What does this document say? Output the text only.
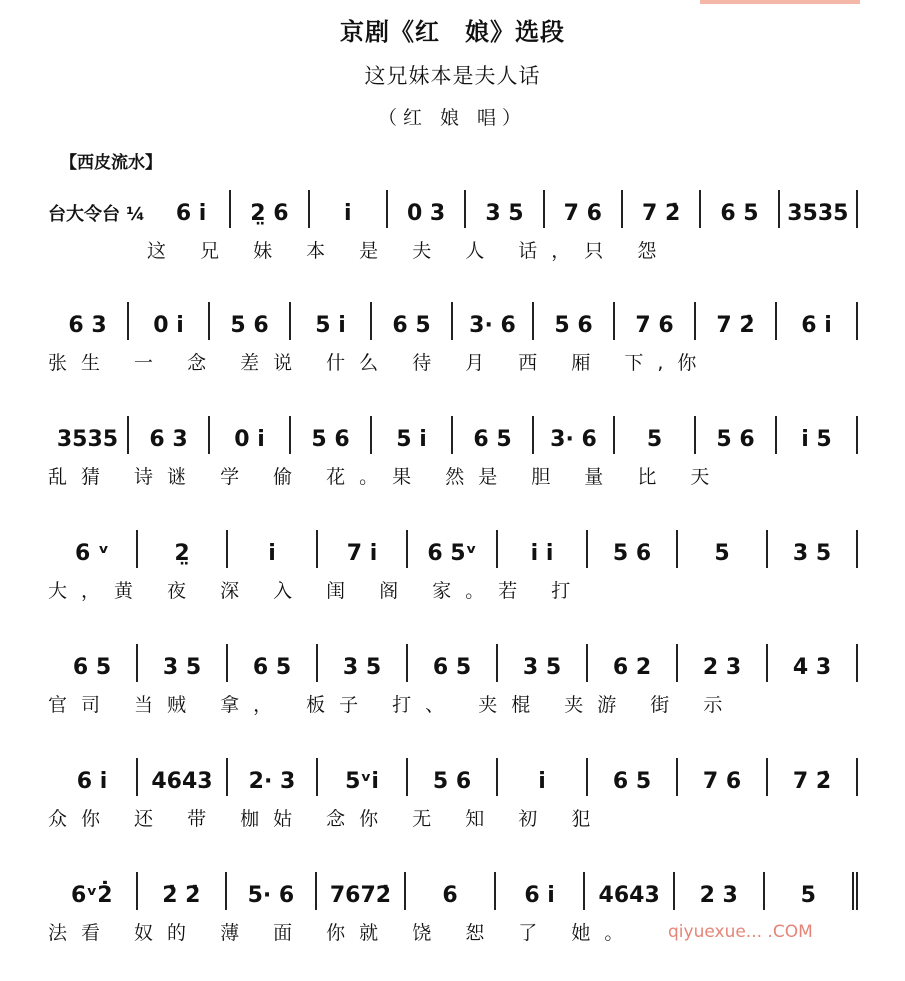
京剧《红　娘》选段
这兄妹本是夫人话
（红 娘 唱）
【西皮流水】
台大令台 ¼	6 i	2̤ 6	i	0 3	3 5	7 6	7 2̇	6 5	3535
　　　这 兄 妹 本 是 夫 人 话，只 怨
6 3	0 i	5 6	5 i	6 5	3· 6	5 6	7 6	7 2̇	6 i
张生 一 念 差说 什么 待 月 西 厢 下,你
3535	6 3	0 i	5 6	5 i	6 5	3· 6	5	5 6	i 5
乱猜 诗谜 学 偷 花。果 然是 胆 量 比 天
6 ᵛ	2̤	i	7 i	6 5ᵛ	i i	5 6	5	3 5
大，黄 夜 深 入 闺 阁 家。若 打
6 5	3 5	6 5	3 5	6 5	3 5	6 2	2 3	4 3
官司 当贼 拿， 板子 打、 夹棍 夹游 街 示
6 i	4643	2· 3	5ᵛi	5 6	i	6 5	7 6	7 2̇
众你 还 带 枷姑 念你 无 知 初 犯
6ᵛ2̇	2̇ 2̇	5· 6	7672̇	6	6 i	4643	2 3	5
法看 奴的 薄 面 你就 饶 恕 了 她。	qiyuexue... .COM
